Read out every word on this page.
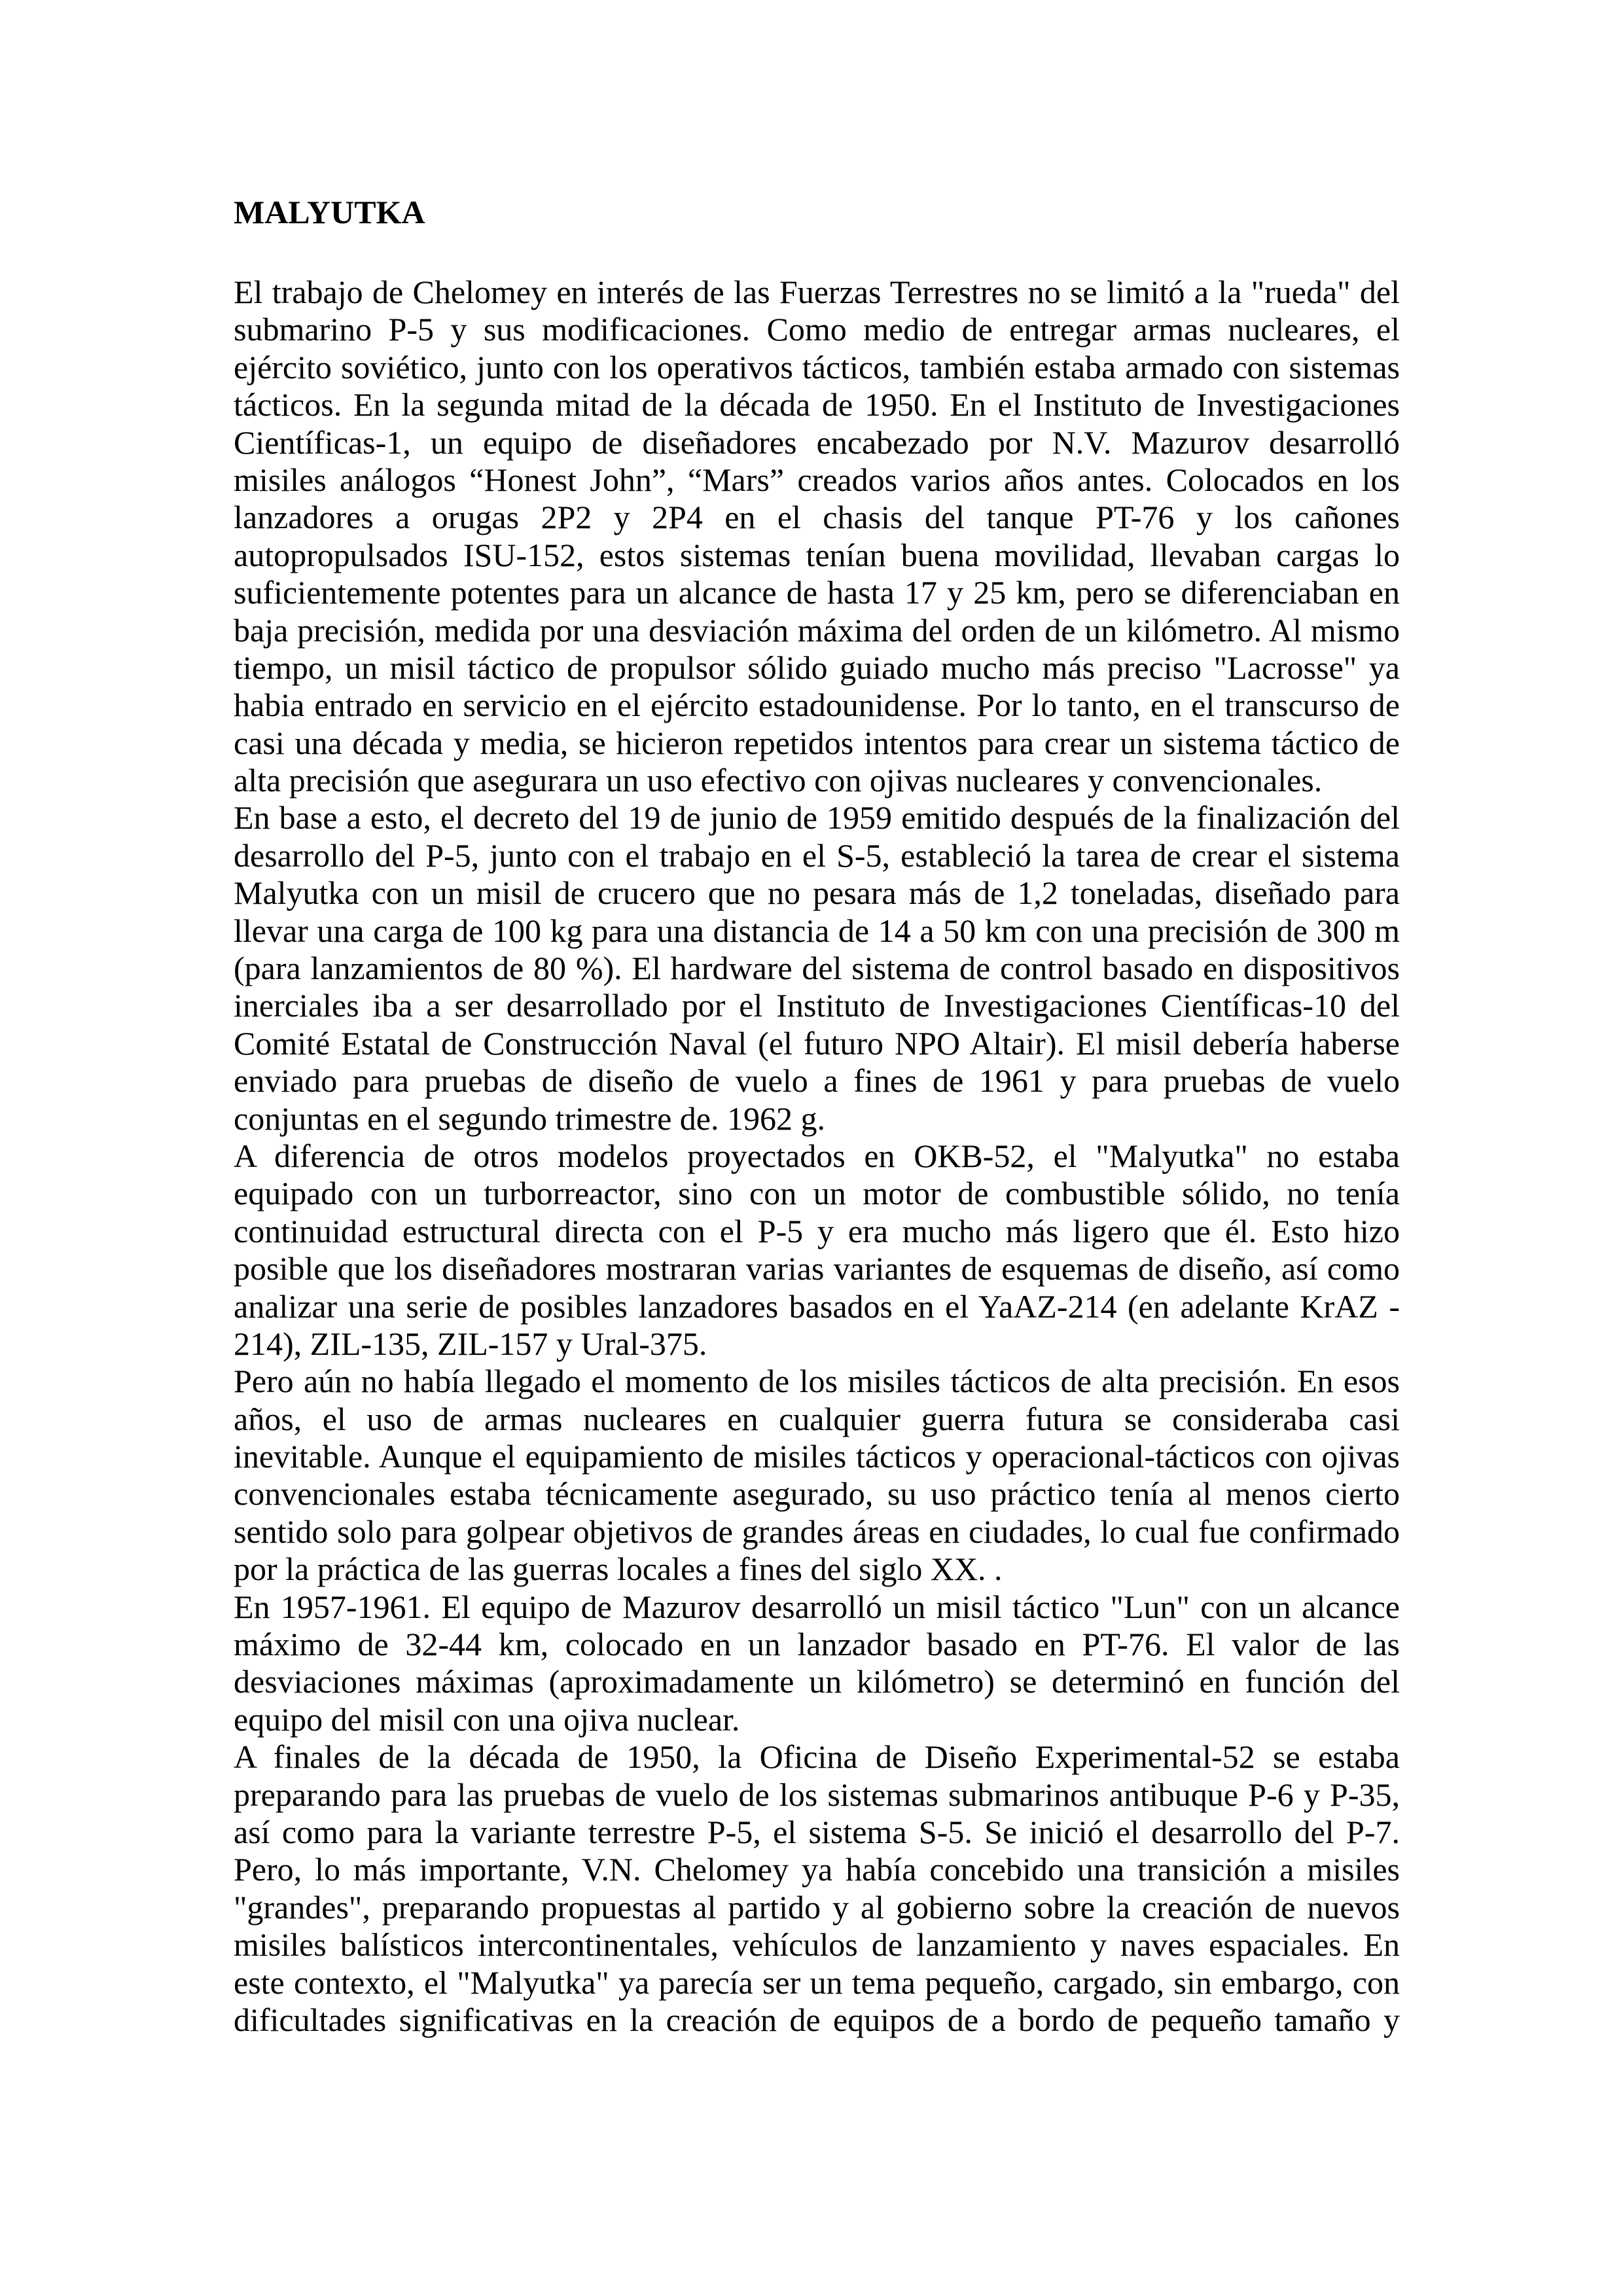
MALYUTKA
El trabajo de Chelomey en interés de las Fuerzas Terrestres no se limitó a la "rueda" del
submarino P-5 y sus modificaciones. Como medio de entregar armas nucleares, el
ejército soviético, junto con los operativos tácticos, también estaba armado con sistemas
tácticos. En la segunda mitad de la década de 1950. En el Instituto de Investigaciones
Científicas-1, un equipo de diseñadores encabezado por N.V. Mazurov desarrolló
misiles análogos “Honest John”, “Mars” creados varios años antes. Colocados en los
lanzadores a orugas 2P2 y 2P4 en el chasis del tanque PT-76 y los cañones
autopropulsados ISU-152, estos sistemas tenían buena movilidad, llevaban cargas lo
suficientemente potentes para un alcance de hasta 17 y 25 km, pero se diferenciaban en
baja precisión, medida por una desviación máxima del orden de un kilómetro. Al mismo
tiempo, un misil táctico de propulsor sólido guiado mucho más preciso "Lacrosse" ya
habia entrado en servicio en el ejército estadounidense. Por lo tanto, en el transcurso de
casi una década y media, se hicieron repetidos intentos para crear un sistema táctico de
alta precisión que asegurara un uso efectivo con ojivas nucleares y convencionales.
En base a esto, el decreto del 19 de junio de 1959 emitido después de la finalización del
desarrollo del P-5, junto con el trabajo en el S-5, estableció la tarea de crear el sistema
Malyutka con un misil de crucero que no pesara más de 1,2 toneladas, diseñado para
llevar una carga de 100 kg para una distancia de 14 a 50 km con una precisión de 300 m
(para lanzamientos de 80 %). El hardware del sistema de control basado en dispositivos
inerciales iba a ser desarrollado por el Instituto de Investigaciones Científicas-10 del
Comité Estatal de Construcción Naval (el futuro NPO Altair). El misil debería haberse
enviado para pruebas de diseño de vuelo a fines de 1961 y para pruebas de vuelo
conjuntas en el segundo trimestre de. 1962 g.
A diferencia de otros modelos proyectados en OKB-52, el "Malyutka" no estaba
equipado con un turborreactor, sino con un motor de combustible sólido, no tenía
continuidad estructural directa con el P-5 y era mucho más ligero que él. Esto hizo
posible que los diseñadores mostraran varias variantes de esquemas de diseño, así como
analizar una serie de posibles lanzadores basados en el YaAZ-214 (en adelante KrAZ -
214), ZIL-135, ZIL-157 y Ural-375.
Pero aún no había llegado el momento de los misiles tácticos de alta precisión. En esos
años, el uso de armas nucleares en cualquier guerra futura se consideraba casi
inevitable. Aunque el equipamiento de misiles tácticos y operacional-tácticos con ojivas
convencionales estaba técnicamente asegurado, su uso práctico tenía al menos cierto
sentido solo para golpear objetivos de grandes áreas en ciudades, lo cual fue confirmado
por la práctica de las guerras locales a fines del siglo XX. .
En 1957-1961. El equipo de Mazurov desarrolló un misil táctico "Lun" con un alcance
máximo de 32-44 km, colocado en un lanzador basado en PT-76. El valor de las
desviaciones máximas (aproximadamente un kilómetro) se determinó en función del
equipo del misil con una ojiva nuclear.
A finales de la década de 1950, la Oficina de Diseño Experimental-52 se estaba
preparando para las pruebas de vuelo de los sistemas submarinos antibuque P-6 y P-35,
así como para la variante terrestre P-5, el sistema S-5. Se inició el desarrollo del P-7.
Pero, lo más importante, V.N. Chelomey ya había concebido una transición a misiles
"grandes", preparando propuestas al partido y al gobierno sobre la creación de nuevos
misiles balísticos intercontinentales, vehículos de lanzamiento y naves espaciales. En
este contexto, el "Malyutka" ya parecía ser un tema pequeño, cargado, sin embargo, con
dificultades significativas en la creación de equipos de a bordo de pequeño tamaño y
